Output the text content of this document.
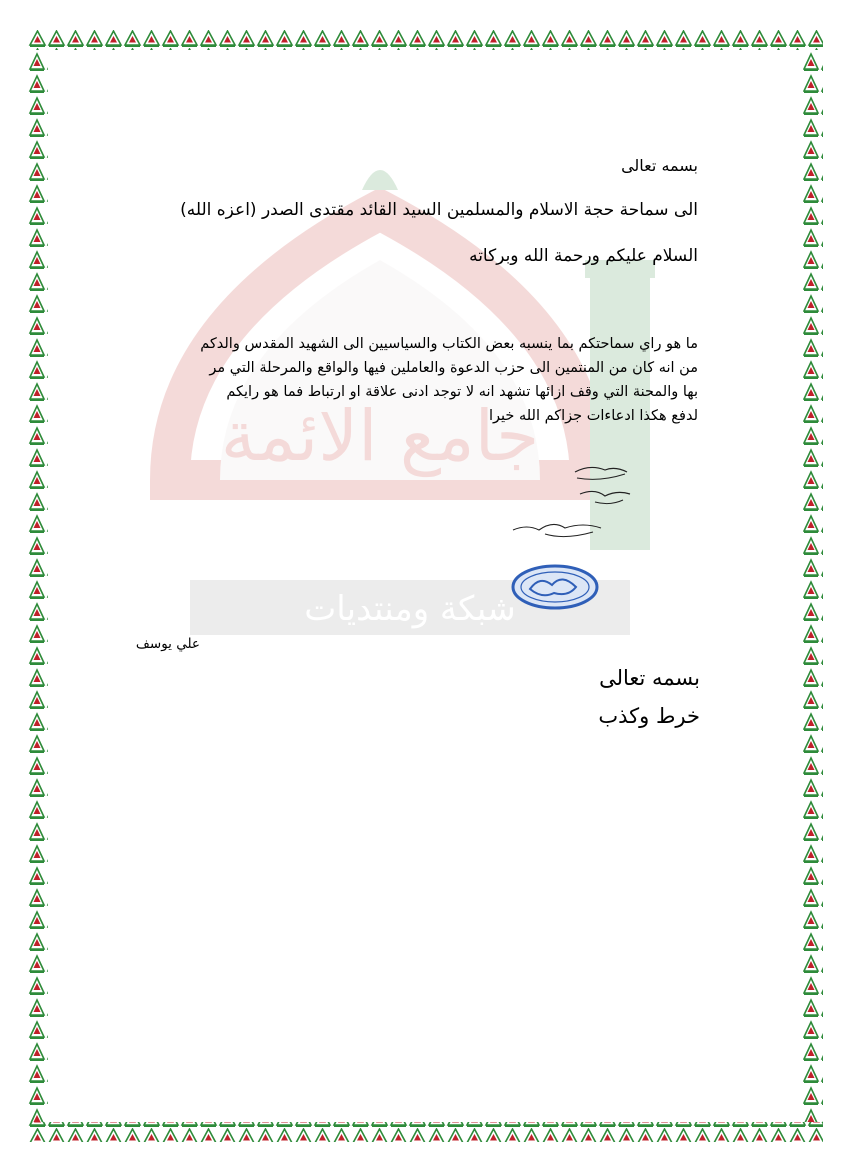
جامع الائمة
شبكة ومنتديات
بسمه تعالى
الى سماحة حجة الاسلام والمسلمين السيد القائد مقتدى الصدر (اعزه الله)
السلام عليكم ورحمة الله وبركاته
ما هو راي سماحتكم بما ينسبه بعض الكتاب والسياسيين الى الشهيد المقدس والدكم
من انه كان من المنتمين الى حزب الدعوة والعاملين فيها والواقع والمرحلة التي مر
بها والمحنة التي وقف ازائها تشهد انه لا توجد ادنى علاقة او ارتباط فما هو رايكم
لدفع هكذا ادعاءات جزاكم الله خيرا
علي يوسف
بسمه تعالى
خرط وكذب
